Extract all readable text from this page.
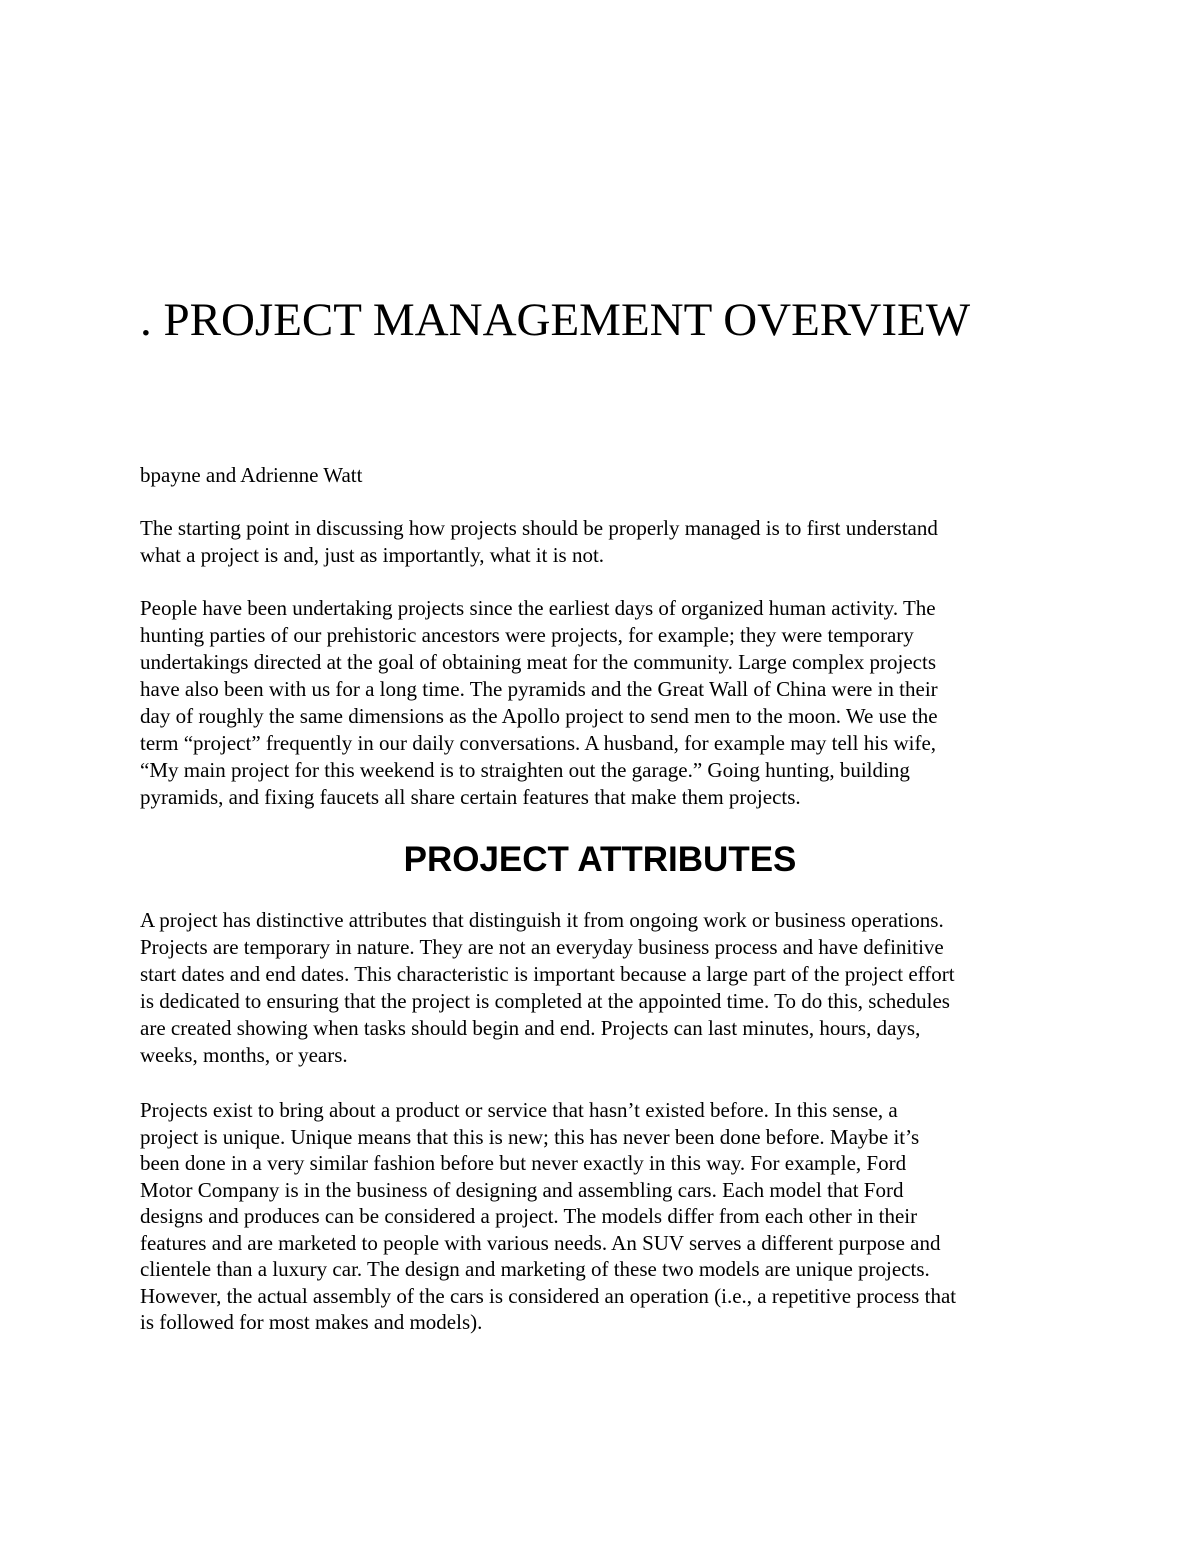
. PROJECT MANAGEMENT OVERVIEW

bpayne and Adrienne Watt

The starting point in discussing how projects should be properly managed is to first understand
what a project is and, just as importantly, what it is not.

People have been undertaking projects since the earliest days of organized human activity. The
hunting parties of our prehistoric ancestors were projects, for example; they were temporary
undertakings directed at the goal of obtaining meat for the community. Large complex projects
have also been with us for a long time. The pyramids and the Great Wall of China were in their
day of roughly the same dimensions as the Apollo project to send men to the moon. We use the
term “project” frequently in our daily conversations. A husband, for example may tell his wife,
“My main project for this weekend is to straighten out the garage.” Going hunting, building
pyramids, and fixing faucets all share certain features that make them projects.

PROJECT ATTRIBUTES

A project has distinctive attributes that distinguish it from ongoing work or business operations.
Projects are temporary in nature. They are not an everyday business process and have definitive
start dates and end dates. This characteristic is important because a large part of the project effort
is dedicated to ensuring that the project is completed at the appointed time. To do this, schedules
are created showing when tasks should begin and end. Projects can last minutes, hours, days,
weeks, months, or years.

Projects exist to bring about a product or service that hasn’t existed before. In this sense, a
project is unique. Unique means that this is new; this has never been done before. Maybe it’s
been done in a very similar fashion before but never exactly in this way. For example, Ford
Motor Company is in the business of designing and assembling cars. Each model that Ford
designs and produces can be considered a project. The models differ from each other in their
features and are marketed to people with various needs. An SUV serves a different purpose and
clientele than a luxury car. The design and marketing of these two models are unique projects.
However, the actual assembly of the cars is considered an operation (i.e., a repetitive process that
is followed for most makes and models).
